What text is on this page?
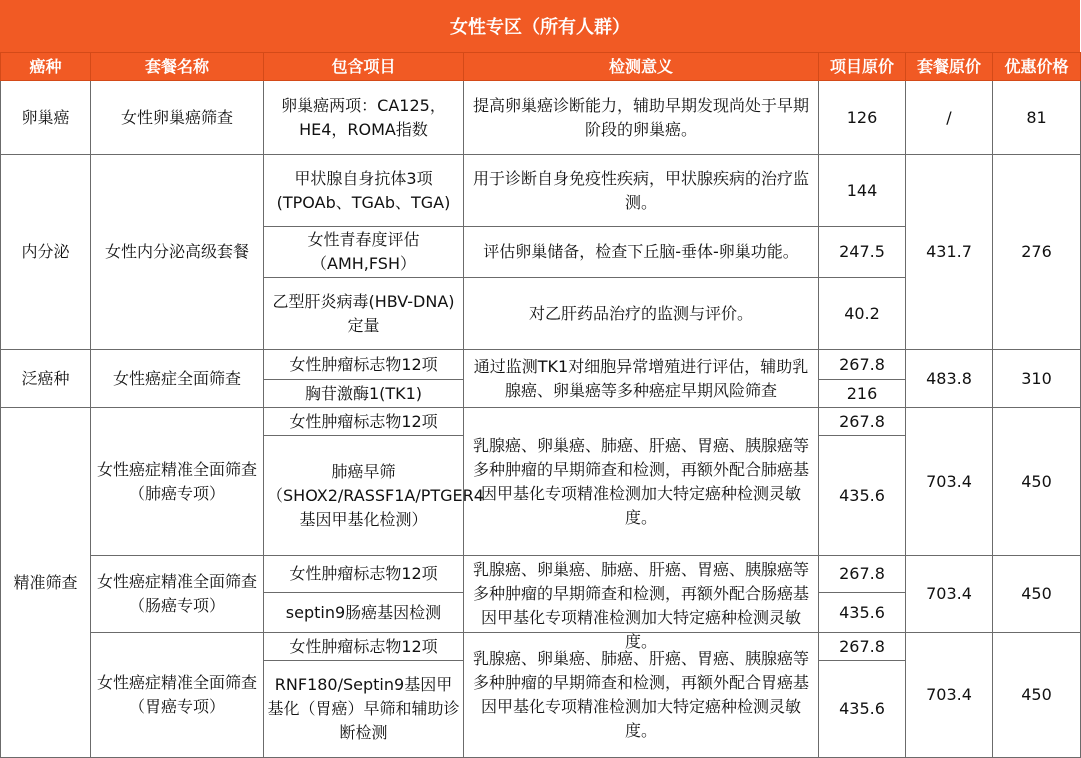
女性专区（所有人群）
癌种	套餐名称	包含项目	检测意义	项目原价	套餐原价	优惠价格
卵巢癌	女性卵巢癌筛查	卵巢癌两项：CA125，HE4，ROMA指数	提高卵巢癌诊断能力，辅助早期发现尚处于早期阶段的卵巢癌。	126	/	81
内分泌	女性内分泌高级套餐	甲状腺自身抗体3项(TPOAb、TGAb、TGA)	用于诊断自身免疫性疾病，甲状腺疾病的治疗监测。	144	431.7	276
		女性青春度评估（AMH,FSH）	评估卵巢储备，检查下丘脑-垂体-卵巢功能。	247.5		
		乙型肝炎病毒(HBV-DNA)定量	对乙肝药品治疗的监测与评价。	40.2		
泛癌种	女性癌症全面筛查	女性肿瘤标志物12项	通过监测TK1对细胞异常增殖进行评估，辅助乳腺癌、卵巢癌等多种癌症早期风险筛查	267.8	483.8	310
		胸苷激酶1(TK1)		216		
精准筛查	女性癌症精准全面筛查（肺癌专项）	女性肿瘤标志物12项	乳腺癌、卵巢癌、肺癌、肝癌、胃癌、胰腺癌等多种肿瘤的早期筛查和检测，再额外配合肺癌基因甲基化专项精准检测加大特定癌种检测灵敏度。	267.8	703.4	450
		肺癌早筛（SHOX2/RASSF1A/PTGER4基因甲基化检测）		435.6		
	女性癌症精准全面筛查（肠癌专项）	女性肿瘤标志物12项	乳腺癌、卵巢癌、肺癌、肝癌、胃癌、胰腺癌等多种肿瘤的早期筛查和检测，再额外配合肠癌基因甲基化专项精准检测加大特定癌种检测灵敏度。	267.8	703.4	450
		septin9肠癌基因检测		435.6		
	女性癌症精准全面筛查（胃癌专项）	女性肿瘤标志物12项	乳腺癌、卵巢癌、肺癌、肝癌、胃癌、胰腺癌等多种肿瘤的早期筛查和检测，再额外配合胃癌基因甲基化专项精准检测加大特定癌种检测灵敏度。	267.8	703.4	450
		RNF180/Septin9基因甲基化（胃癌）早筛和辅助诊断检测		435.6		
